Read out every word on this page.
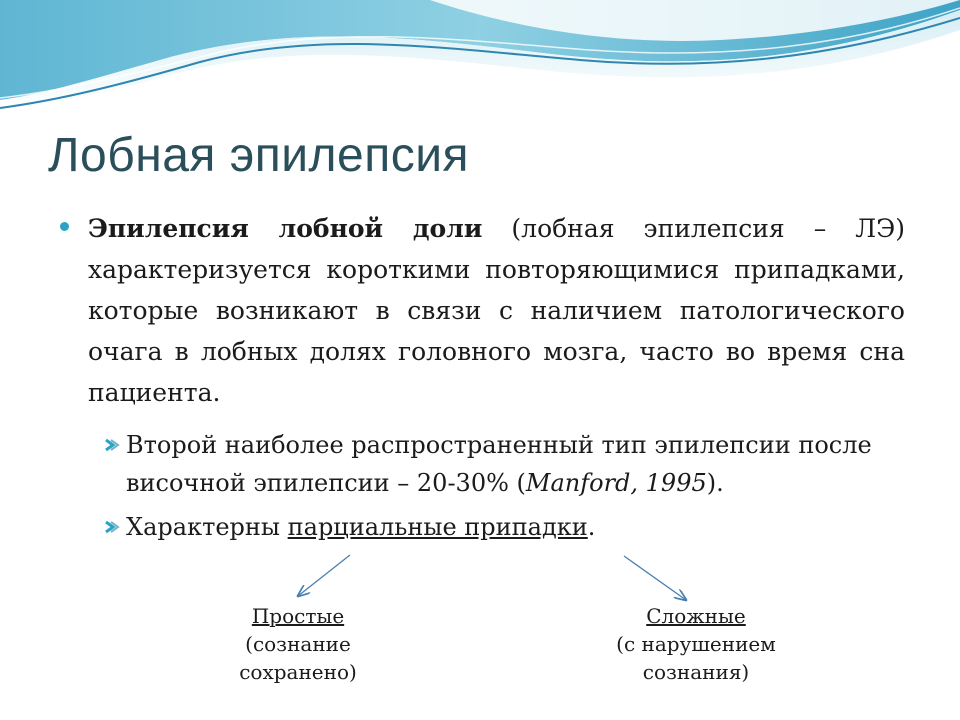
Лобная эпилепсия
Эпилепсия лобной доли (лобная эпилепсия – ЛЭ) характеризуется короткими повторяющимися припадками, которые возникают в связи с наличием патологического очага в лобных долях головного мозга, часто во время сна пациента.
Второй наиболее распространенный тип эпилепсии после височной эпилепсии – 20-30% (Manford, 1995).
Характерны парциальные припадки.
Простые
(сознание
сохранено)
Сложные
(с нарушением
сознания)
